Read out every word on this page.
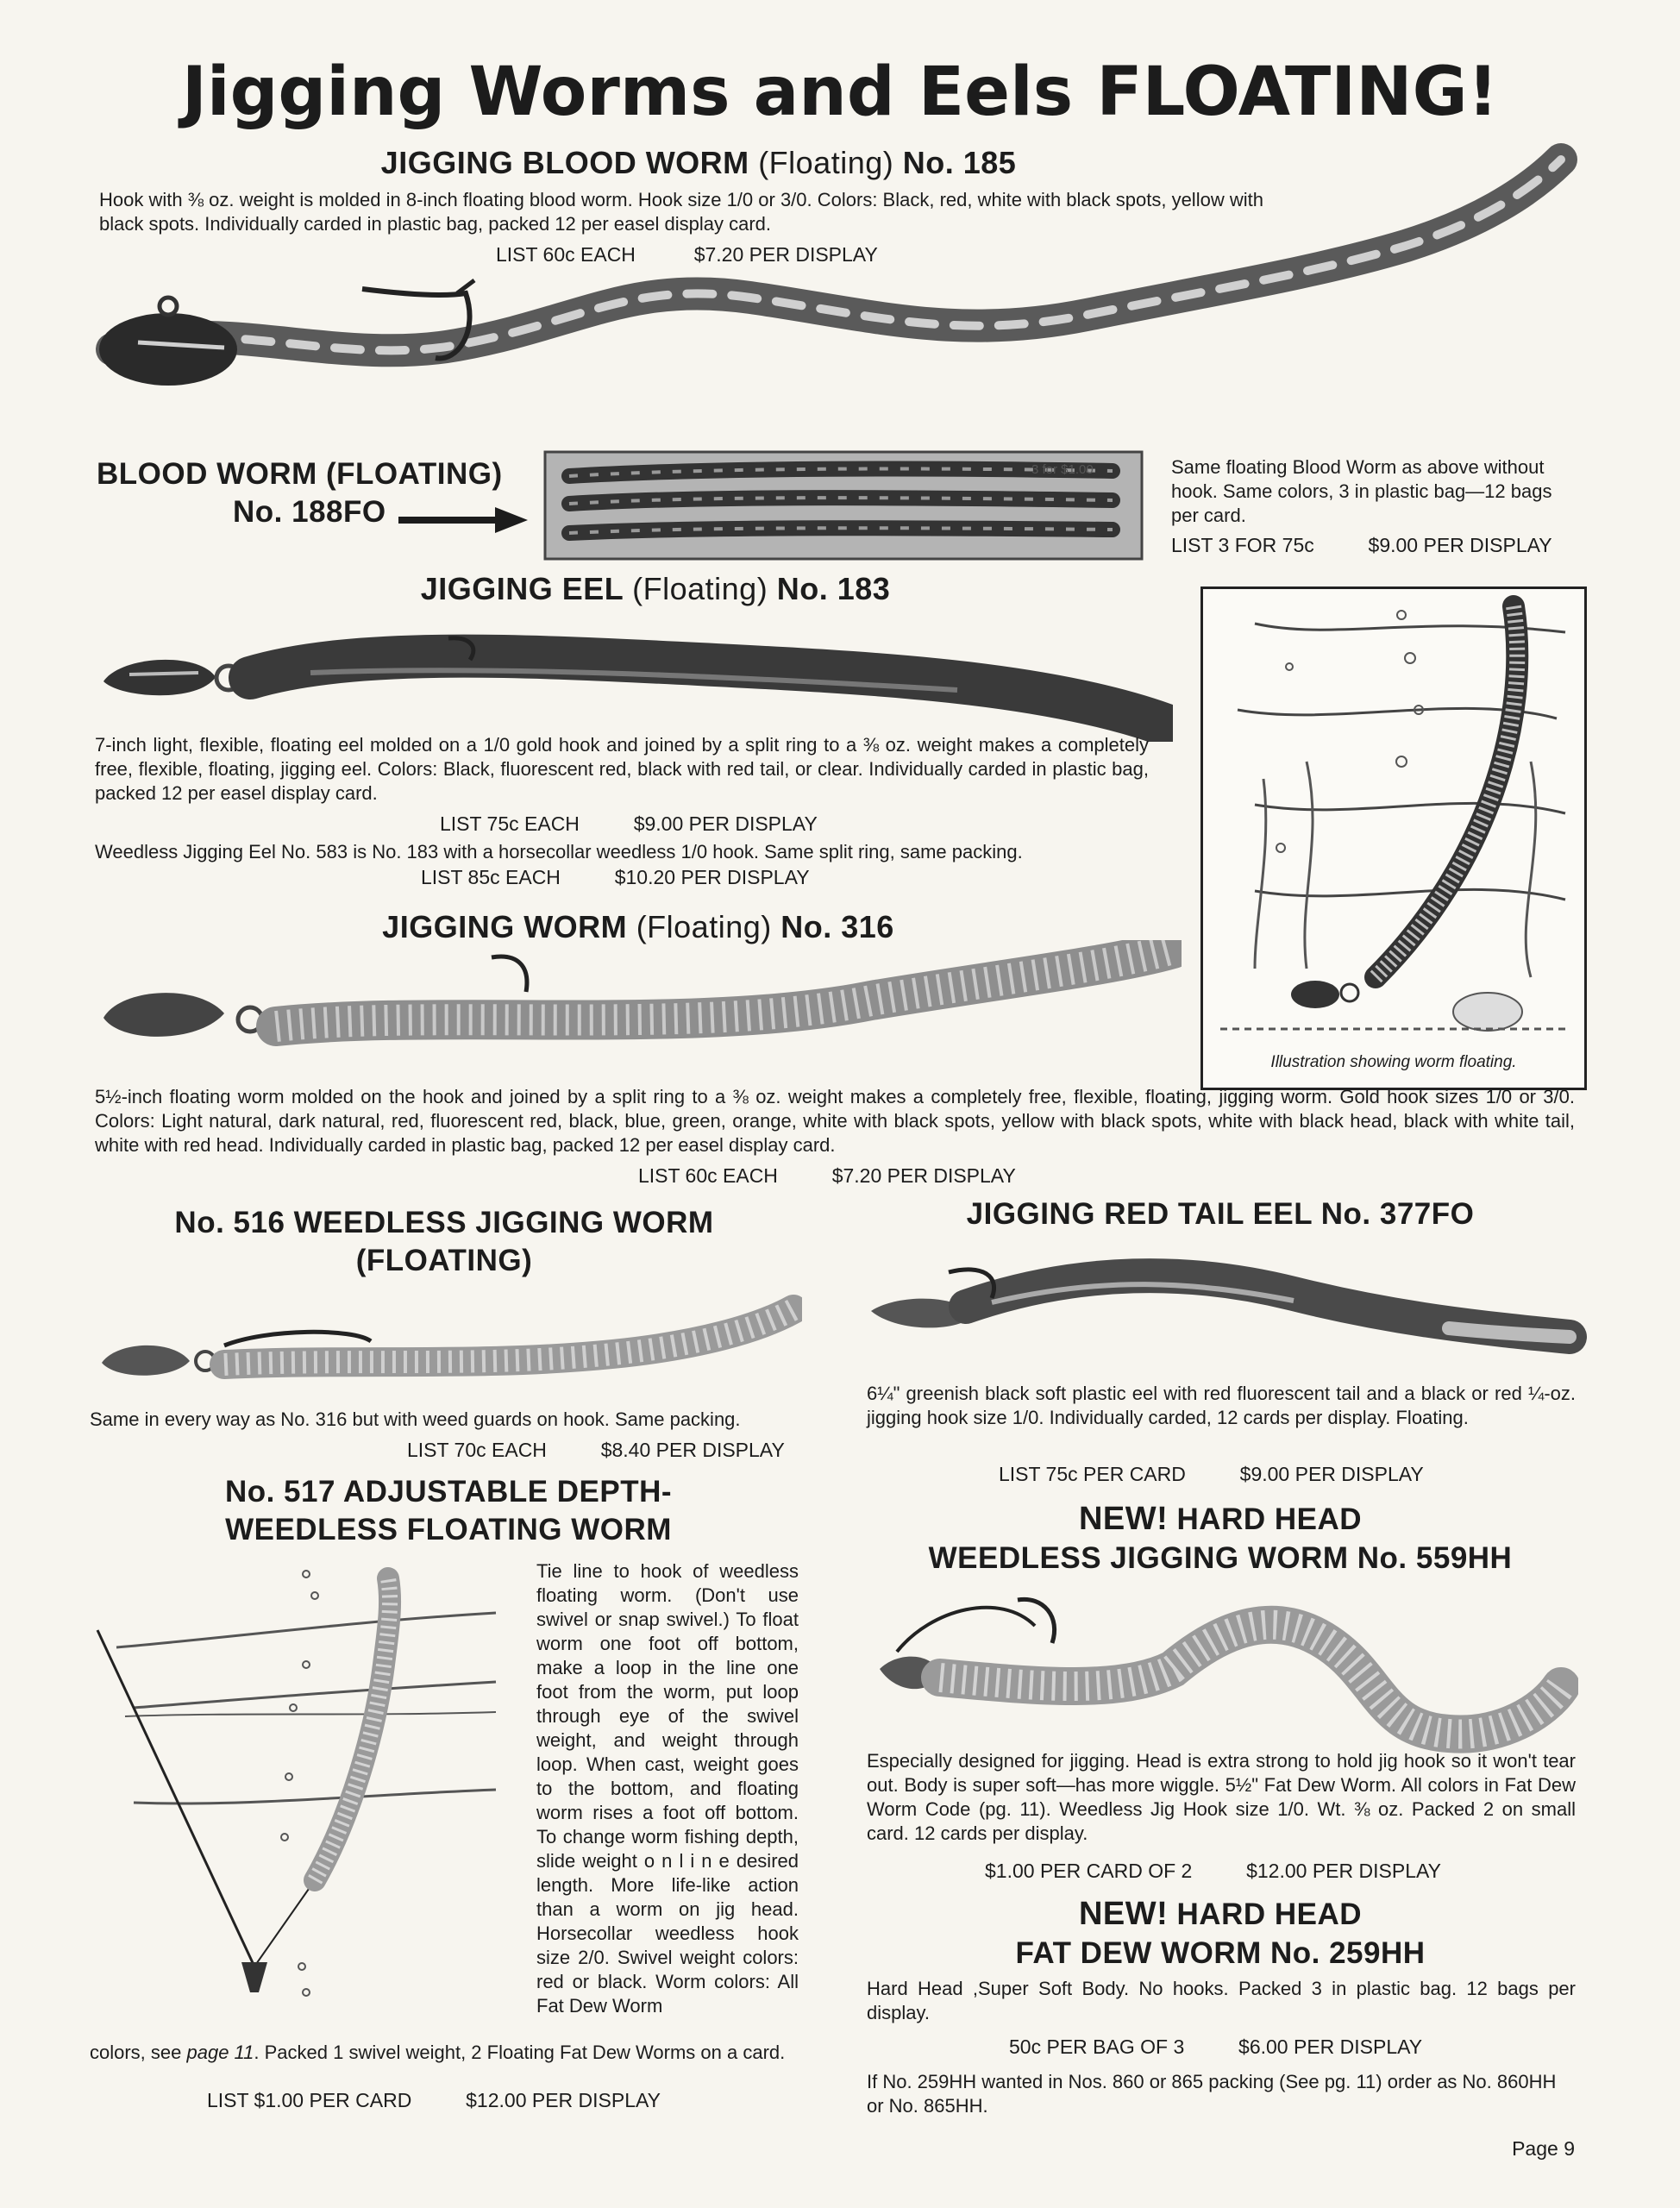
Jigging Worms and Eels FLOATING!
JIGGING BLOOD WORM (Floating) No. 185
Hook with ⅜ oz. weight is molded in 8-inch floating blood worm. Hook size 1/0 or 3/0. Colors: Black, red, white with black spots, yellow with black spots. Individually carded in plastic bag, packed 12 per easel display card.
LIST 60c EACH	$7.20 PER DISPLAY
BLOOD WORM (FLOATING)
No. 188FO
3 for $1.00	Same floating Blood Worm as above without hook. Same colors, 3 in plastic bag—12 bags per card.
LIST 3 FOR 75c	$9.00 PER DISPLAY
JIGGING EEL (Floating) No. 183
7-inch light, flexible, floating eel molded on a 1/0 gold hook and joined by a split ring to a ⅜ oz. weight makes a completely free, flexible, floating, jigging eel. Colors: Black, fluorescent red, black with red tail, or clear. Individually carded in plastic bag, packed 12 per easel display card.
LIST 75c EACH	$9.00 PER DISPLAY
Weedless Jigging Eel No. 583 is No. 183 with a horsecollar weedless 1/0 hook. Same split ring, same packing.
LIST 85c EACH	$10.20 PER DISPLAY
Illustration showing worm floating.
JIGGING WORM (Floating) No. 316
5½-inch floating worm molded on the hook and joined by a split ring to a ⅜ oz. weight makes a completely free, flexible, floating, jigging worm. Gold hook sizes 1/0 or 3/0. Colors: Light natural, dark natural, red, fluorescent red, black, blue, green, orange, white with black spots, yellow with black spots, white with black head, black with white tail, white with red head. Individually carded in plastic bag, packed 12 per easel display card.
LIST 60c EACH	$7.20 PER DISPLAY
No. 516 WEEDLESS JIGGING WORM
(FLOATING)
Same in every way as No. 316 but with weed guards on hook. Same packing.
LIST 70c EACH	$8.40 PER DISPLAY
JIGGING RED TAIL EEL No. 377FO
6¼" greenish black soft plastic eel with red fluorescent tail and a black or red ¼-oz. jigging hook size 1/0. Individually carded, 12 cards per display. Floating.
LIST 75c PER CARD	$9.00 PER DISPLAY
No. 517 ADJUSTABLE DEPTH-
WEEDLESS FLOATING WORM
Tie line to hook of weedless floating worm. (Don't use swivel or snap swivel.) To float worm one foot off bottom, make a loop in the line one foot from the worm, put loop through eye of the swivel weight, and weight through loop. When cast, weight goes to the bottom, and floating worm rises a foot off bottom. To change worm fishing depth, slide weight o n l i n e desired length. More life-like action than a worm on jig head. Horsecollar weedless hook size 2/0. Swivel weight colors: red or black. Worm colors: All Fat Dew Worm
colors, see page 11. Packed 1 swivel weight, 2 Floating Fat Dew Worms on a card.
LIST $1.00 PER CARD	$12.00 PER DISPLAY
NEW! HARD HEAD
WEEDLESS JIGGING WORM No. 559HH
Especially designed for jigging. Head is extra strong to hold jig hook so it won't tear out. Body is super soft—has more wiggle. 5½" Fat Dew Worm. All colors in Fat Dew Worm Code (pg. 11). Weedless Jig Hook size 1/0. Wt. ⅜ oz. Packed 2 on small card. 12 cards per display.
$1.00 PER CARD OF 2	$12.00 PER DISPLAY
NEW! HARD HEAD
FAT DEW WORM No. 259HH
Hard Head ,Super Soft Body. No hooks. Packed 3 in plastic bag. 12 bags per display.
50c PER BAG OF 3	$6.00 PER DISPLAY
If No. 259HH wanted in Nos. 860 or 865 packing (See pg. 11) order as No. 860HH or No. 865HH.
Page 9
